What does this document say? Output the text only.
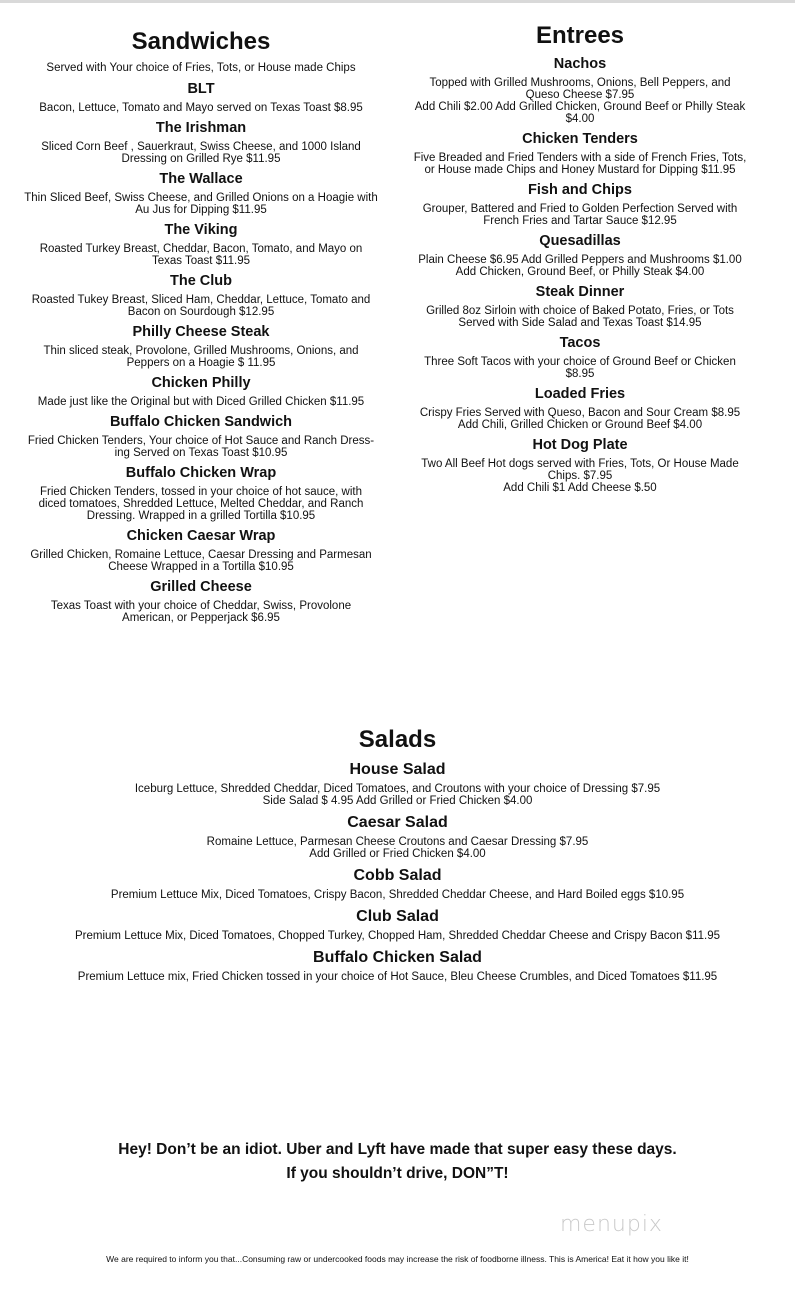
Sandwiches
Served with Your choice of Fries, Tots, or House made Chips
BLT
Bacon, Lettuce, Tomato and Mayo served on Texas Toast $8.95
The Irishman
Sliced Corn Beef , Sauerkraut, Swiss Cheese, and 1000 Island
Dressing on Grilled Rye $11.95
The Wallace
Thin Sliced Beef, Swiss Cheese, and Grilled Onions on a Hoagie with
Au Jus for Dipping $11.95
The Viking
Roasted Turkey Breast, Cheddar, Bacon, Tomato, and Mayo on
Texas Toast $11.95
The Club
Roasted Tukey Breast, Sliced Ham, Cheddar, Lettuce, Tomato and
Bacon on Sourdough $12.95
Philly Cheese Steak
Thin sliced steak, Provolone, Grilled Mushrooms, Onions, and
Peppers on a Hoagie $ 11.95
Chicken Philly
Made just like the Original but with Diced Grilled Chicken $11.95
Buffalo Chicken Sandwich
Fried Chicken Tenders, Your choice of Hot Sauce and Ranch Dress-
ing Served on Texas Toast $10.95
Buffalo Chicken Wrap
Fried Chicken Tenders, tossed in your choice of hot sauce, with
diced tomatoes, Shredded Lettuce, Melted Cheddar, and Ranch
Dressing. Wrapped in a grilled Tortilla $10.95
Chicken Caesar Wrap
Grilled Chicken, Romaine Lettuce, Caesar Dressing and Parmesan
Cheese Wrapped in a Tortilla $10.95
Grilled Cheese
Texas Toast with your choice of Cheddar, Swiss, Provolone
American, or Pepperjack $6.95
Entrees
Nachos
Topped with Grilled Mushrooms, Onions, Bell Peppers, and
Queso Cheese $7.95
Add Chili $2.00 Add Grilled Chicken, Ground Beef or Philly Steak
$4.00
Chicken Tenders
Five Breaded and Fried Tenders with a side of French Fries, Tots,
or House made Chips and Honey Mustard for Dipping $11.95
Fish and Chips
Grouper, Battered and Fried to Golden Perfection Served with
French Fries and Tartar Sauce $12.95
Quesadillas
Plain Cheese $6.95 Add Grilled Peppers and Mushrooms $1.00
Add Chicken, Ground Beef, or Philly Steak $4.00
Steak Dinner
Grilled 8oz Sirloin with choice of Baked Potato, Fries, or Tots
Served with Side Salad and Texas Toast $14.95
Tacos
Three Soft Tacos with your choice of Ground Beef or Chicken
$8.95
Loaded Fries
Crispy Fries Served with Queso, Bacon and Sour Cream $8.95
Add Chili, Grilled Chicken or Ground Beef $4.00
Hot Dog Plate
Two All Beef Hot dogs served with Fries, Tots, Or House Made
Chips. $7.95
Add Chili $1 Add Cheese $.50
Salads
House Salad
Iceburg Lettuce, Shredded Cheddar, Diced Tomatoes, and Croutons with your choice of Dressing $7.95
Side Salad $ 4.95 Add Grilled or Fried Chicken $4.00
Caesar Salad
Romaine Lettuce, Parmesan Cheese Croutons and Caesar Dressing $7.95
Add Grilled or Fried Chicken $4.00
Cobb Salad
Premium Lettuce Mix, Diced Tomatoes, Crispy Bacon, Shredded Cheddar Cheese, and Hard Boiled eggs $10.95
Club Salad
Premium Lettuce Mix, Diced Tomatoes, Chopped Turkey, Chopped Ham, Shredded Cheddar Cheese and Crispy Bacon $11.95
Buffalo Chicken Salad
Premium Lettuce mix, Fried Chicken tossed in your choice of Hot Sauce, Bleu Cheese Crumbles, and Diced Tomatoes $11.95
Hey! Don’t be an idiot. Uber and Lyft have made that super easy these days.
If you shouldn’t drive, DON”T!
menupix
We are required to inform you that...Consuming raw or undercooked foods may increase the risk of foodborne illness. This is America! Eat it how you like it!
